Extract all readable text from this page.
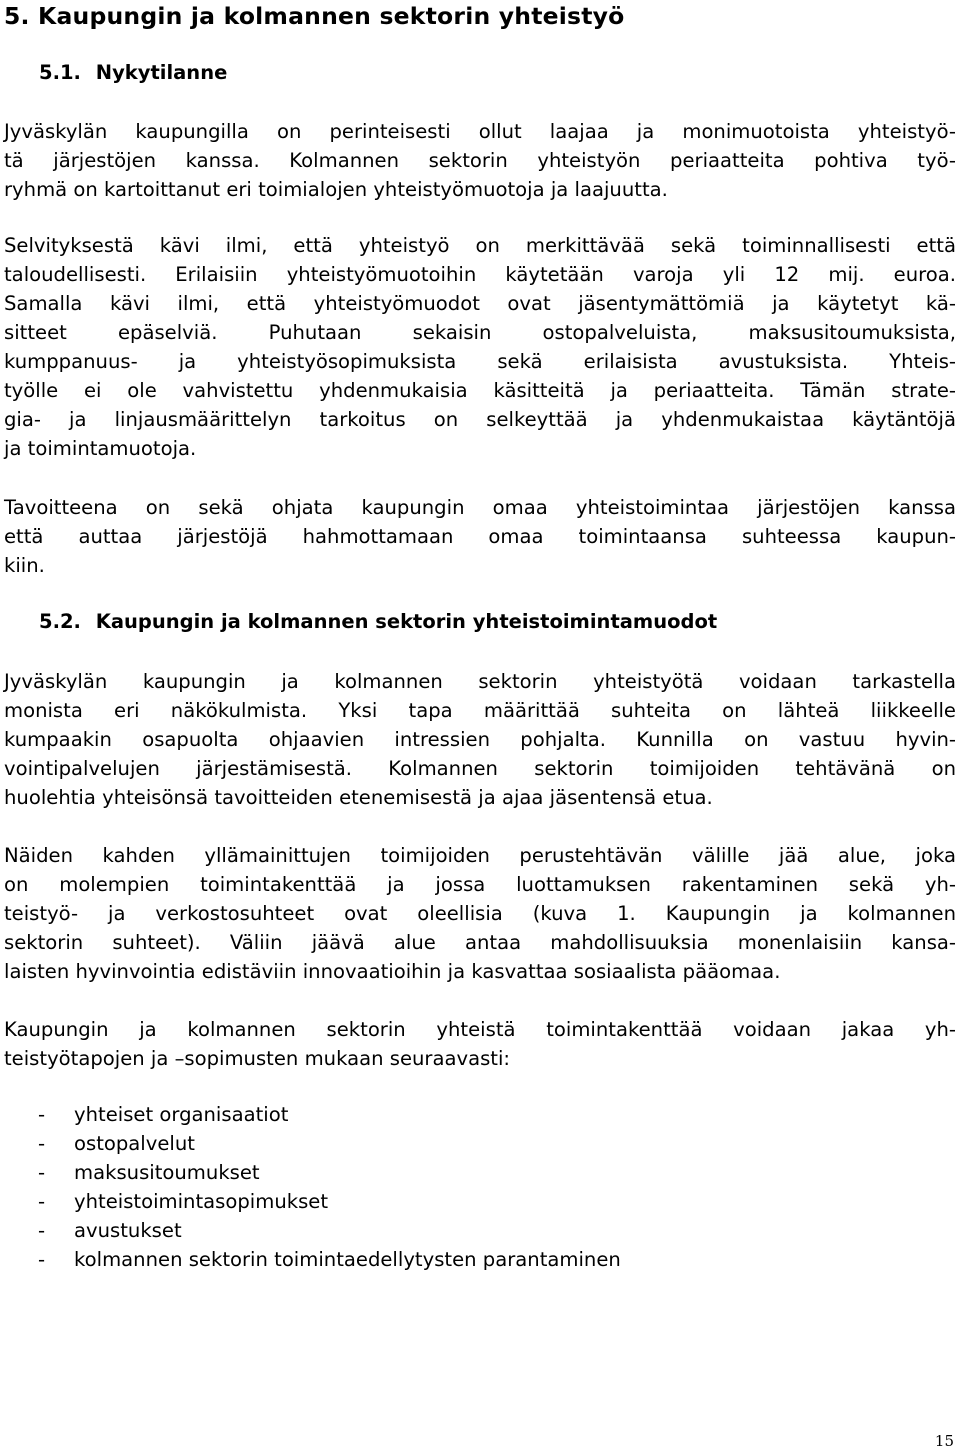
5. Kaupungin ja kolmannen sektorin yhteistyö
5.1. Nykytilanne
Jyväskylän kaupungilla on perinteisesti ollut laajaa ja monimuotoista yhteistyö-
tä järjestöjen kanssa. Kolmannen sektorin yhteistyön periaatteita pohtiva työ-
ryhmä on kartoittanut eri toimialojen yhteistyömuotoja ja laajuutta.
Selvityksestä kävi ilmi, että yhteistyö on merkittävää sekä toiminnallisesti että
taloudellisesti. Erilaisiin yhteistyömuotoihin käytetään varoja yli 12 mij. euroa.
Samalla kävi ilmi, että yhteistyömuodot ovat jäsentymättömiä ja käytetyt kä-
sitteet epäselviä. Puhutaan sekaisin ostopalveluista, maksusitoumuksista,
kumppanuus- ja yhteistyösopimuksista sekä erilaisista avustuksista. Yhteis-
työlle ei ole vahvistettu yhdenmukaisia käsitteitä ja periaatteita. Tämän strate-
gia- ja linjausmäärittelyn tarkoitus on selkeyttää ja yhdenmukaistaa käytäntöjä
ja toimintamuotoja.
Tavoitteena on sekä ohjata kaupungin omaa yhteistoimintaa järjestöjen kanssa
että auttaa järjestöjä hahmottamaan omaa toimintaansa suhteessa kaupun-
kiin.
5.2. Kaupungin ja kolmannen sektorin yhteistoimintamuodot
Jyväskylän kaupungin ja kolmannen sektorin yhteistyötä voidaan tarkastella
monista eri näkökulmista. Yksi tapa määrittää suhteita on lähteä liikkeelle
kumpaakin osapuolta ohjaavien intressien pohjalta. Kunnilla on vastuu hyvin-
vointipalvelujen järjestämisestä. Kolmannen sektorin toimijoiden tehtävänä on
huolehtia yhteisönsä tavoitteiden etenemisestä ja ajaa jäsentensä etua.
Näiden kahden yllämainittujen toimijoiden perustehtävän välille jää alue, joka
on molempien toimintakenttää ja jossa luottamuksen rakentaminen sekä yh-
teistyö- ja verkostosuhteet ovat oleellisia (kuva 1. Kaupungin ja kolmannen
sektorin suhteet). Väliin jäävä alue antaa mahdollisuuksia monenlaisiin kansa-
laisten hyvinvointia edistäviin innovaatioihin ja kasvattaa sosiaalista pääomaa.
Kaupungin ja kolmannen sektorin yhteistä toimintakenttää voidaan jakaa yh-
teistyötapojen ja –sopimusten mukaan seuraavasti:
- yhteiset organisaatiot
- ostopalvelut
- maksusitoumukset
- yhteistoimintasopimukset
- avustukset
- kolmannen sektorin toimintaedellytysten parantaminen
15
